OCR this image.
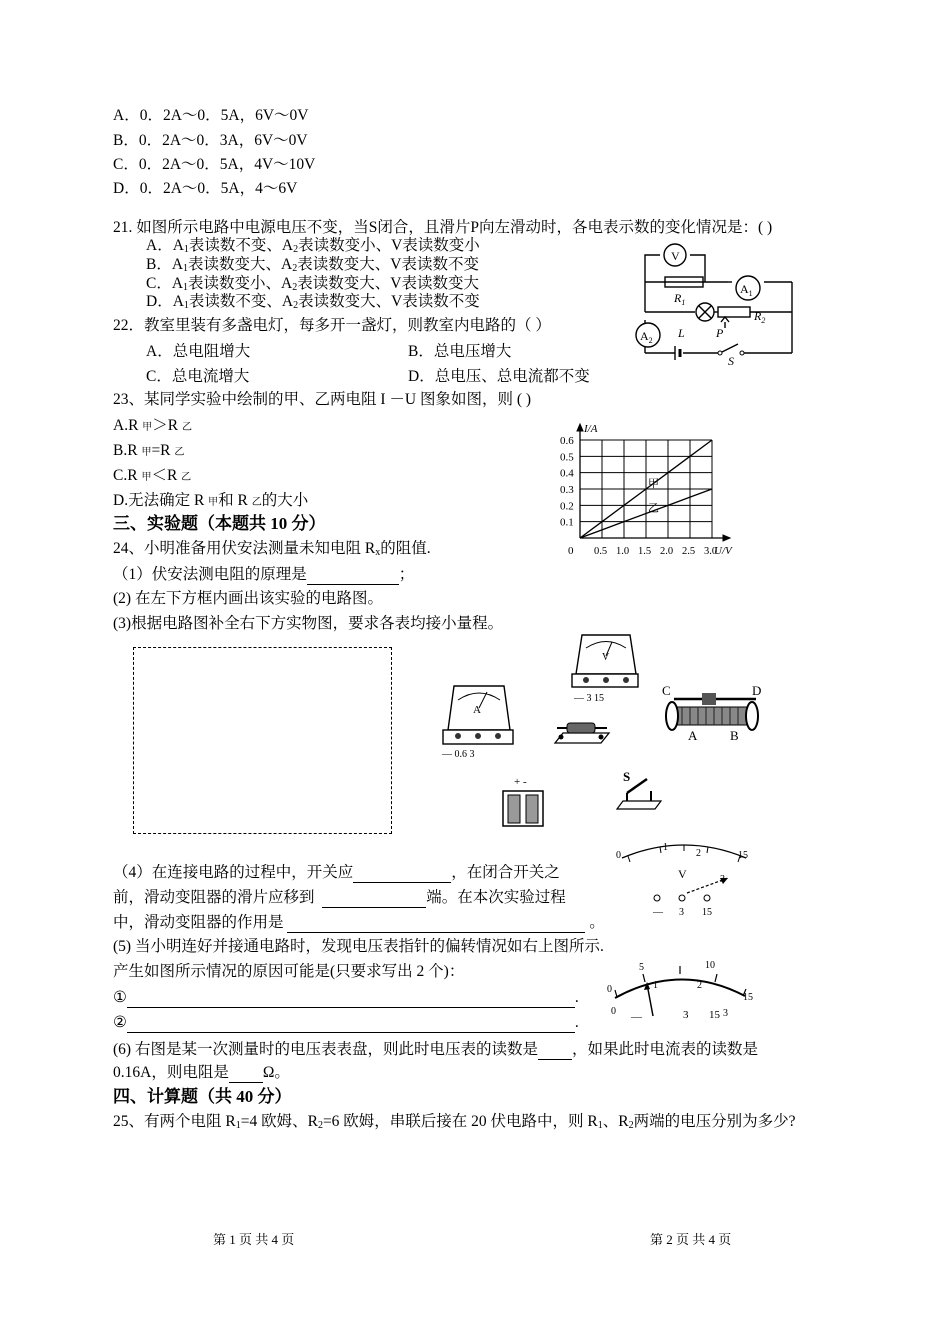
A．0．2A～0．5A，6V～0V
B．0．2A～0．3A，6V～0V
C．0．2A～0．5A，4V～10V
D．0．2A～0．5A，4～6V
21. 如图所示电路中电源电压不变，当S闭合，且滑片P向左滑动时，各电表示数的变化情况是：( )
A．$A_1$表读数不变、$A_2$表读数变小、V表读数变小
B．$A_1$表读数变大、$A_2$表读数变大、V表读数不变
C．$A_1$表读数变小、$A_2$表读数变大、V表读数变大
D．$A_1$表读数不变、$A_2$表读数变大、V表读数不变
V
$A_1$
$A_2$
$R_1$
$R_2$
L	P
S
22．教室里装有多盏电灯，每多开一盏灯，则教室内电路的（ ）
A．总电阻增大	B．总电压增大
C．总电流增大	D．总电压、总电流都不变
23、某同学实验中绘制的甲、乙两电阻 I －U 图象如图，则 ( )
A.R 甲＞R 乙
B.R 甲=R 乙
C.R 甲＜R 乙
D.无法确定 R 甲和 R 乙的大小
0.1
0.2
0.3
0.4
0.5
0.6
0.5 1.0 1.5 2.0 2.5 3.0
甲
乙
0
I/A
U/V
三、实验题（本题共 10 分）
24、小明准备用伏安法测量未知电阻 $R_x$的阻值.
（1）伏安法测电阻的原理是	；
(2) 在左下方框内画出该实验的电路图。
(3)根据电路图补全右下方实物图，要求各表均接小量程。
A
— 0.6 3
V
— 3 15
C	D
A	B
+ -	S
（4）在连接电路的过程中，开关应	，在闭合开关之
前，滑动变阻器的滑片应移到	端。在本次实验过程
中，滑动变阻器的作用是	。
0
1
2	15
V
— 3 15
(5) 当小明连好并接通电路时，发现电压表指针的偏转情况如右上图所示.
产生如图所示情况的原因可能是(只要求写出 2 个)：
①	.
②	.
0
5	10
15
0
1	2
3
—	3 15
(6) 右图是某一次测量时的电压表表盘，则此时电压表的读数是 ，如果此时电流表的读数是
0.16A，则电阻是 Ω。
四、计算题（共 40 分）
25、有两个电阻 $R_1=4$ 欧姆、$R_2=6$ 欧姆，串联后接在 20 伏电路中，则 $R_1$、$R_2$两端的电压分别为多少?
第 1 页 共 4 页	第 2 页 共 4 页
